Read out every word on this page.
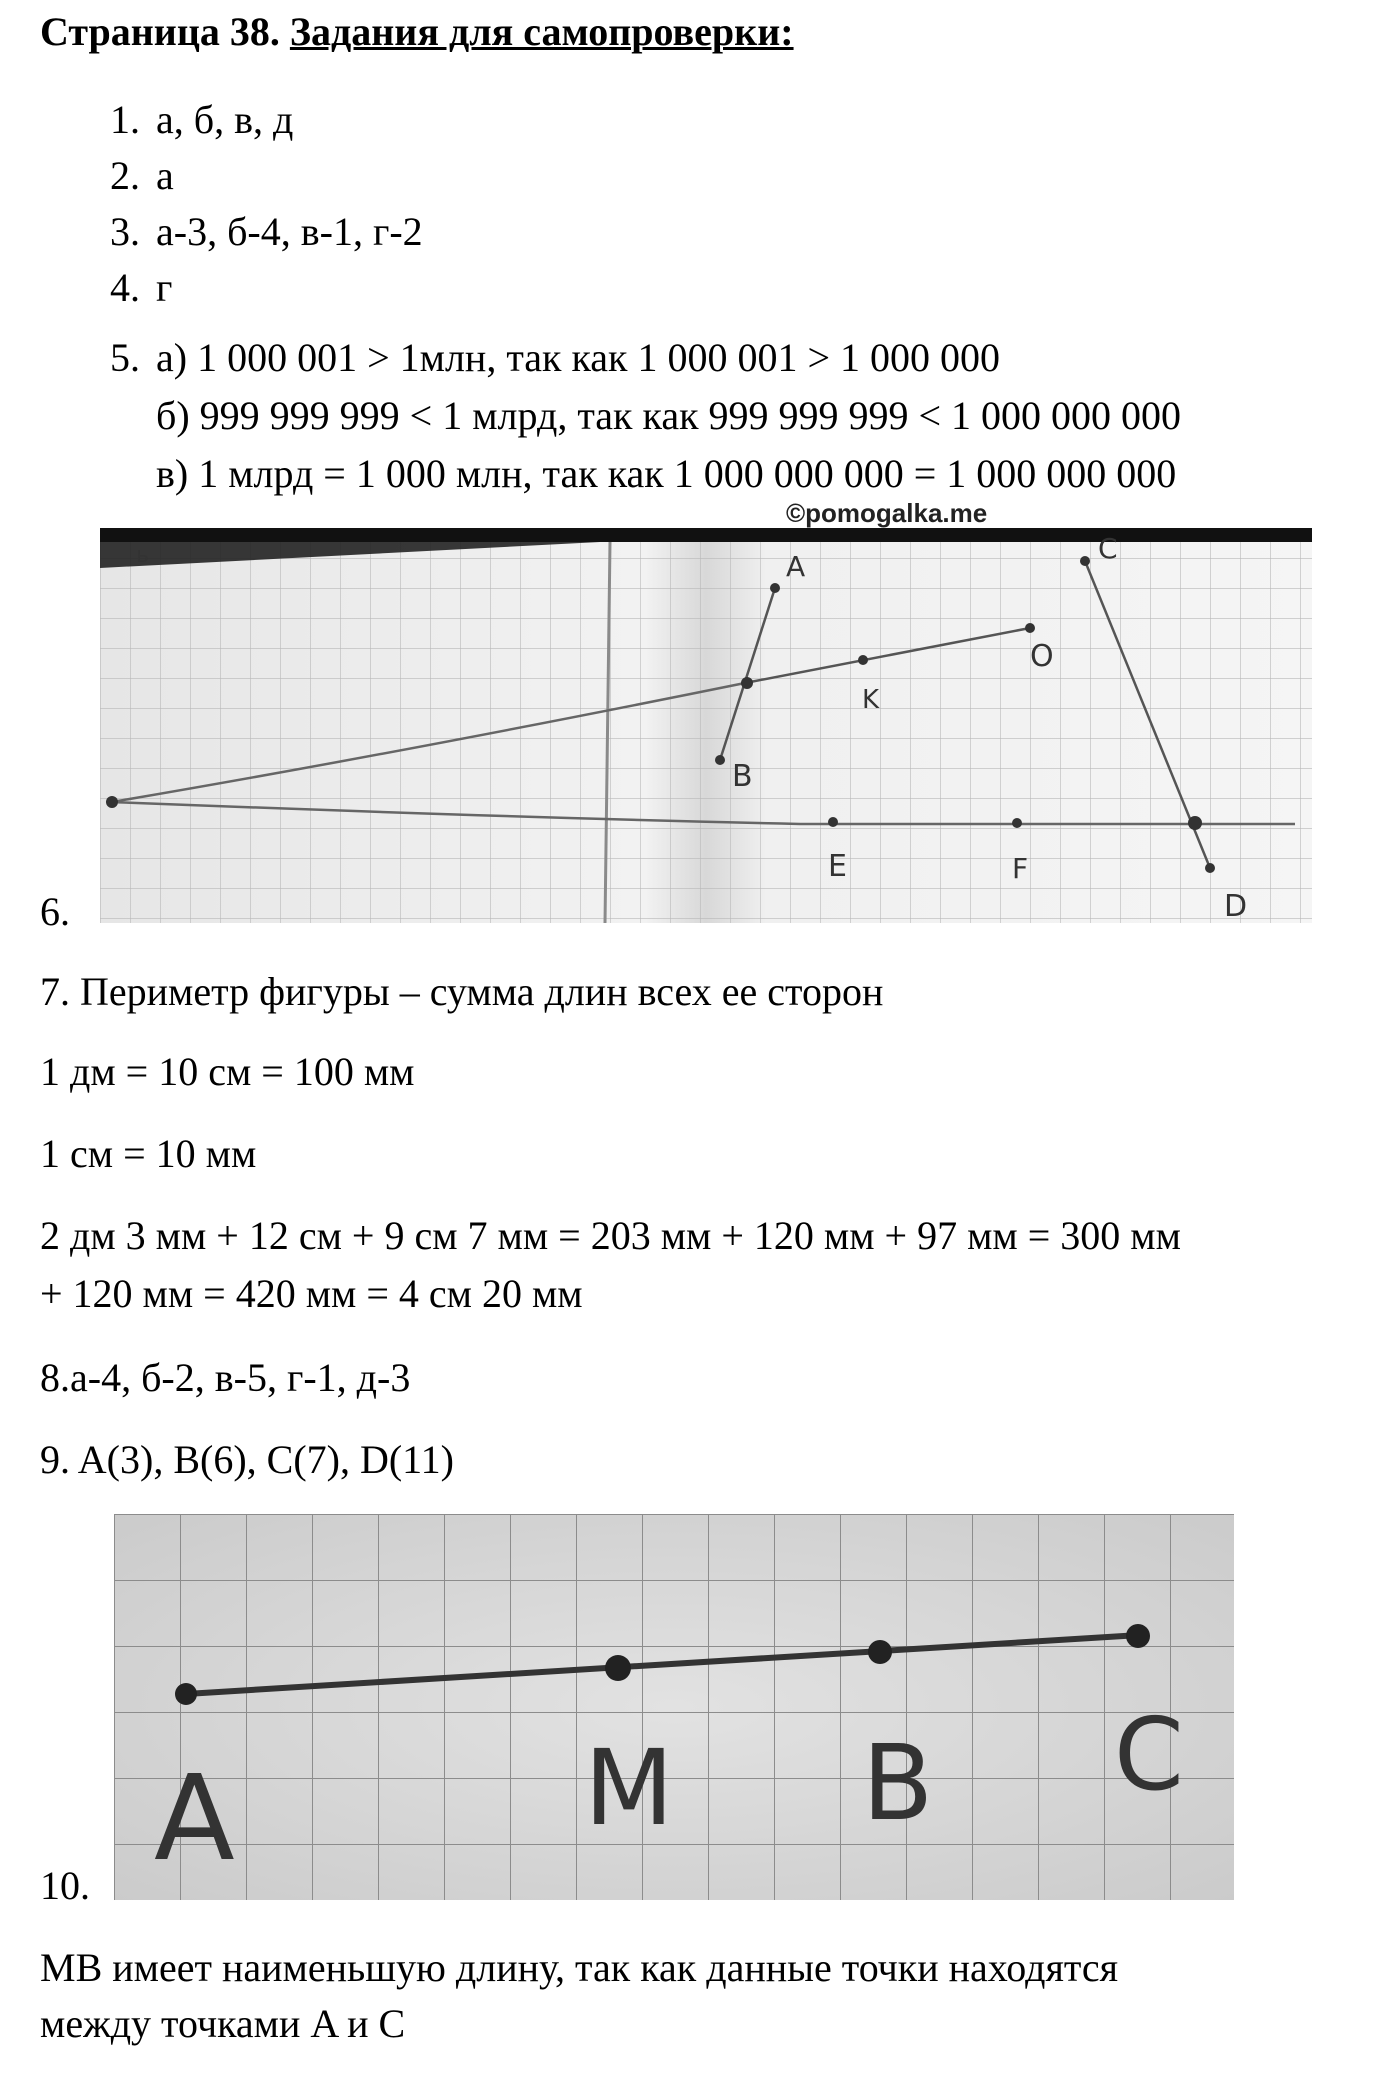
Страница 38. Задания для самопроверки:
1. а, б, в, д
2. а
3. а-3, б-4, в-1, г-2
4. г
5. а) 1 000 001 > 1млн, так как 1 000 001 > 1 000 000
б) 999 999 999 < 1 млрд, так как 999 999 999 < 1 000 000 000
в) 1 млрд = 1 000 млн, так как 1 000 000 000 = 1 000 000 000
©pomogalka.me
6.
ь	A
B
C
D
K
O
E	F
7. Периметр фигуры – сумма длин всех ее сторон
1 дм = 10 см = 100 мм
1 см = 10 мм
2 дм 3 мм + 12 см + 9 см 7 мм = 203 мм + 120 мм + 97 мм = 300 мм
+ 120 мм = 420 мм = 4 см 20 мм
8.а-4, б-2, в-5, г-1, д-3
9. A(3), B(6), C(7), D(11)
10. A	M B C
MB имеет наименьшую длину, так как данные точки находятся
между точками A и C
